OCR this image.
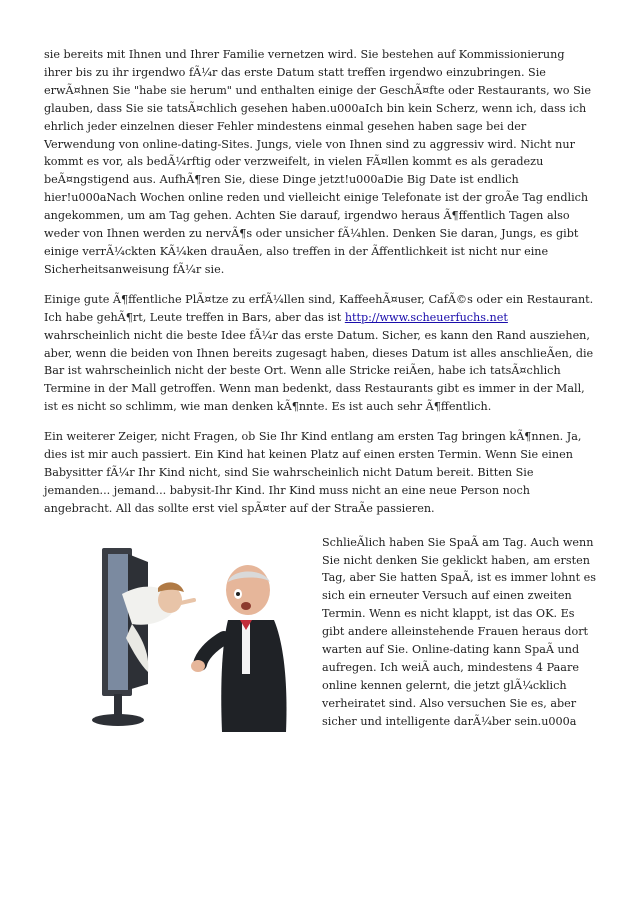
sie bereits mit Ihnen und Ihrer Familie vernetzen wird. Sie bestehen auf Kommissionierung ihrer bis zu ihr irgendwo fÃ¼r das erste Datum statt treffen irgendwo einzubringen. Sie erwÃ¤hnen Sie "habe sie herum" und enthalten einige der GeschÃ¤fte oder Restaurants, wo Sie glauben, dass Sie sie tatsÃ¤chlich gesehen haben.u000aIch bin kein Scherz, wenn ich, dass ich ehrlich jeder einzelnen dieser Fehler mindestens einmal gesehen haben sage bei der Verwendung von online-dating-Sites. Jungs, viele von Ihnen sind zu aggressiv wird. Nicht nur kommt es vor, als bedÃ¼rftig oder verzweifelt, in vielen FÃ¤llen kommt es als geradezu beÃ¤ngstigend aus. AufhÃ¶ren Sie, diese Dinge jetzt!u000aDie Big Date ist endlich hier!u000aNach Wochen online reden und vielleicht einige Telefonate ist der groÃe Tag endlich angekommen, um am Tag gehen. Achten Sie darauf, irgendwo heraus Ã¶ffentlich Tagen also weder von Ihnen werden zu nervÃ¶s oder unsicher fÃ¼hlen. Denken Sie daran, Jungs, es gibt einige verrÃ¼ckten KÃ¼ken drauÃen, also treffen in der Ãffentlichkeit ist nicht nur eine Sicherheitsanweisung fÃ¼r sie.

Einige gute Ã¶ffentliche PlÃ¤tze zu erfÃ¼llen sind, KaffeehÃ¤user, CafÃ©s oder ein Restaurant. Ich habe gehÃ¶rt, Leute treffen in Bars, aber das ist http://www.scheuerfuchs.net wahrscheinlich nicht die beste Idee fÃ¼r das erste Datum. Sicher, es kann den Rand ausziehen, aber, wenn die beiden von Ihnen bereits zugesagt haben, dieses Datum ist alles anschlieÃen, die Bar ist wahrscheinlich nicht der beste Ort. Wenn alle Stricke reiÃen, habe ich tatsÃ¤chlich Termine in der Mall getroffen. Wenn man bedenkt, dass Restaurants gibt es immer in der Mall, ist es nicht so schlimm, wie man denken kÃ¶nnte. Es ist auch sehr Ã¶ffentlich.

Ein weiterer Zeiger, nicht Fragen, ob Sie Ihr Kind entlang am ersten Tag bringen kÃ¶nnen. Ja, dies ist mir auch passiert. Ein Kind hat keinen Platz auf einen ersten Termin. Wenn Sie einen Babysitter fÃ¼r Ihr Kind nicht, sind Sie wahrscheinlich nicht Datum bereit. Bitten Sie jemanden... jemand... babysit-Ihr Kind. Ihr Kind muss nicht an eine neue Person noch angebracht. All das sollte erst viel spÃ¤ter auf der StraÃe passieren.

SchlieÃlich haben Sie SpaÃ am Tag. Auch wenn Sie nicht denken Sie geklickt haben, am ersten Tag, aber Sie hatten SpaÃ, ist es immer lohnt es sich ein erneuter Versuch auf einen zweiten Termin. Wenn es nicht klappt, ist das OK. Es gibt andere alleinstehende Frauen heraus dort warten auf Sie. Online-dating kann SpaÃ und aufregen. Ich weiÃ auch, mindestens 4 Paare online kennen gelernt, die jetzt glÃ¼cklich verheiratet sind. Also versuchen Sie es, aber sicher und intelligente darÃ¼ber sein.u000a
